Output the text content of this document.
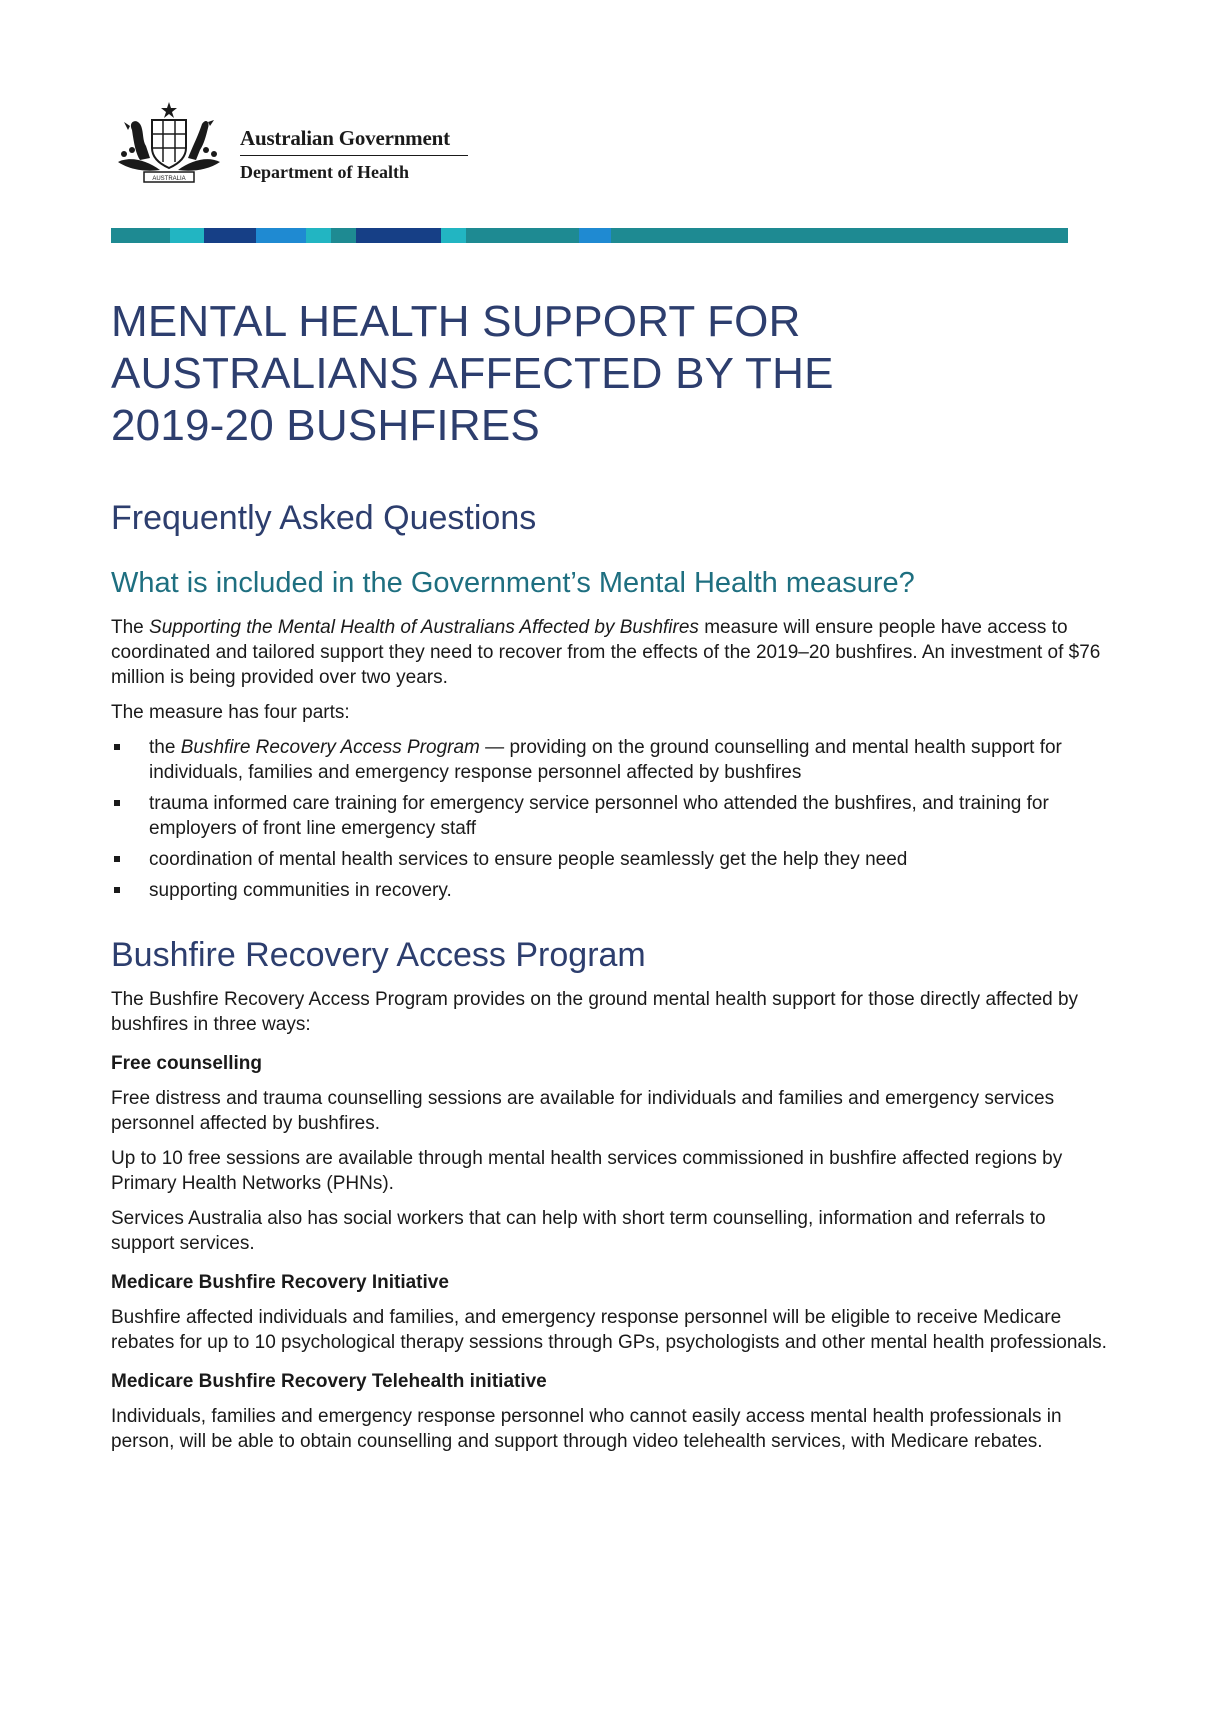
AUSTRALIA
Australian Government
Department of Health
MENTAL HEALTH SUPPORT FOR
AUSTRALIANS AFFECTED BY THE
2019-20 BUSHFIRES
Frequently Asked Questions
What is included in the Government’s Mental Health measure?

The Supporting the Mental Health of Australians Affected by Bushfires measure will ensure people have access to coordinated and tailored support they need to recover from the effects of the 2019–20 bushfires. An investment of $76 million is being provided over two years.

The measure has four parts:

the Bushfire Recovery Access Program — providing on the ground counselling and mental health support for individuals, families and emergency response personnel affected by bushfires
trauma informed care training for emergency service personnel who attended the bushfires, and training for employers of front line emergency staff
coordination of mental health services to ensure people seamlessly get the help they need
supporting communities in recovery.
Bushfire Recovery Access Program

The Bushfire Recovery Access Program provides on the ground mental health support for those directly affected by bushfires in three ways:

Free counselling

Free distress and trauma counselling sessions are available for individuals and families and emergency services personnel affected by bushfires.

Up to 10 free sessions are available through mental health services commissioned in bushfire affected regions by Primary Health Networks (PHNs).

Services Australia also has social workers that can help with short term counselling, information and referrals to support services.

Medicare Bushfire Recovery Initiative

Bushfire affected individuals and families, and emergency response personnel will be eligible to receive Medicare rebates for up to 10 psychological therapy sessions through GPs, psychologists and other mental health professionals.

Medicare Bushfire Recovery Telehealth initiative

Individuals, families and emergency response personnel who cannot easily access mental health professionals in person, will be able to obtain counselling and support through video telehealth services, with Medicare rebates.
